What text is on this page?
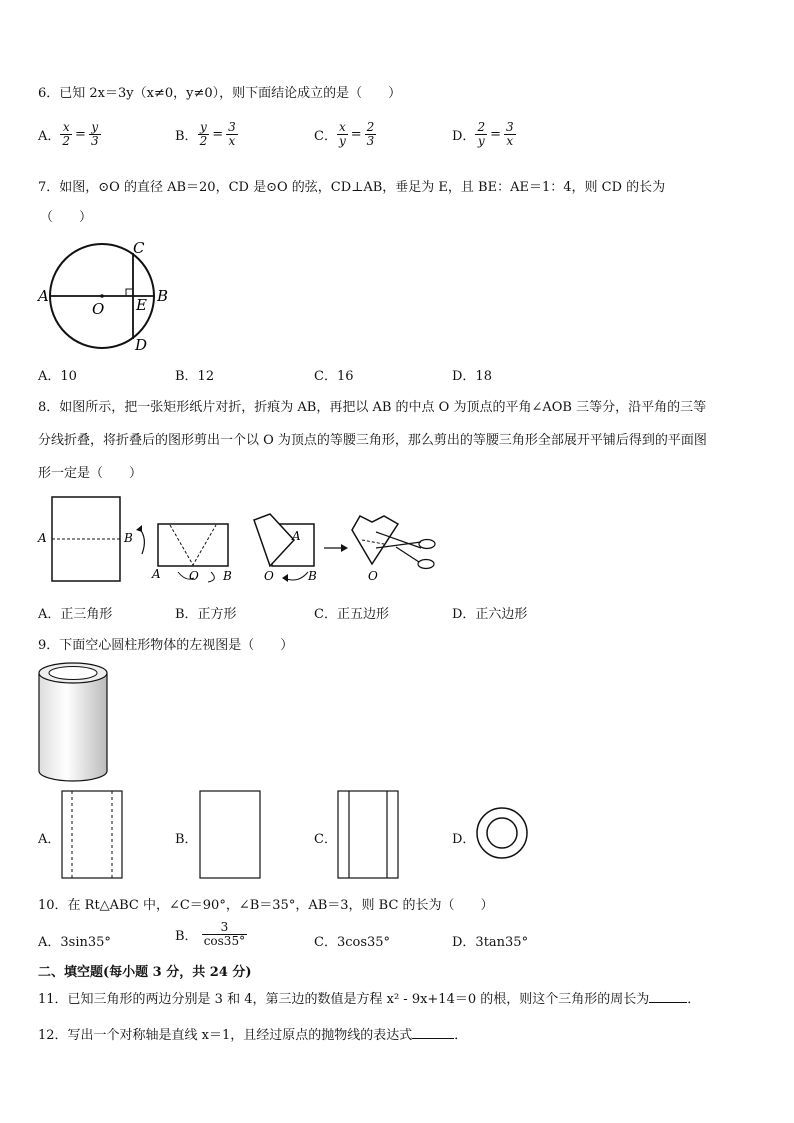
6．已知 2x＝3y（x≠0，y≠0），则下面结论成立的是（　　）
A． $\frac{x}{2} = \frac{y}{3}$	B． $\frac{y}{2} = \frac{3}{x}$	C． $\frac{x}{y} = \frac{2}{3}$	D． $\frac{2}{y} = \frac{3}{x}$
7．如图，⊙O 的直径 AB＝20，CD 是⊙O 的弦，CD⊥AB，垂足为 E，且 BE：AE＝1：4，则 CD 的长为
（　　）
A	B
C
D
E
O
A．10	B．12	C．16	D．18
8．如图所示，把一张矩形纸片对折，折痕为 AB，再把以 AB 的中点 O 为顶点的平角∠AOB 三等分，沿平角的三等
分线折叠，将折叠后的图形剪出一个以 O 为顶点的等腰三角形，那么剪出的等腰三角形全部展开平铺后得到的平面图
形一定是（　　）
A	B
A O B
A
O	B	O
A．正三角形	B．正方形	C．正五边形	D．正六边形
9．下面空心圆柱形物体的左视图是（　　）
A．	B．	C．	D．
10．在 Rt△ABC 中，∠C＝90°，∠B＝35°，AB＝3，则 BC 的长为（　　）
A．3sin35°	B． $\frac{3}{\cos 35^\circ}$	C．3cos35°	D．3tan35°
二、填空题(每小题 3 分，共 24 分)
11．已知三角形的两边分别是 3 和 4，第三边的数值是方程 x² - 9x+14＝0 的根，则这个三角形的周长为	．
12．写出一个对称轴是直线 x＝1，且经过原点的抛物线的表达式	．
